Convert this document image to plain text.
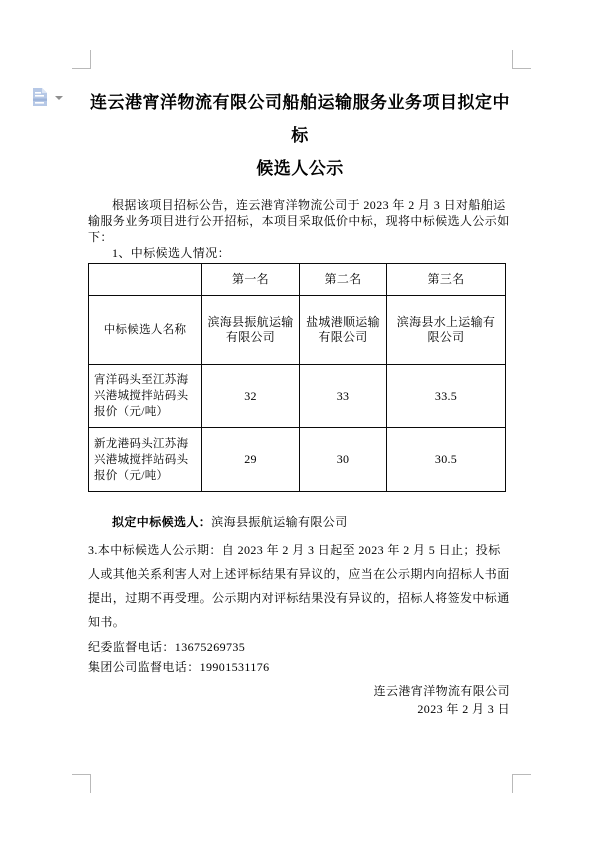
连云港宵洋物流有限公司船舶运输服务业务项目拟定中标
候选人公示
根据该项目招标公告，连云港宵洋物流公司于 2023 年 2 月 3 日对船舶运输服务业务项目进行公开招标，本项目采取低价中标，现将中标候选人公示如下：
1、中标候选人情况：
	第一名	第二名	第三名
中标候选人名称	滨海县振航运输有限公司	盐城港顺运输有限公司	滨海县水上运输有限公司
宵洋码头至江苏海兴港城搅拌站码头报价（元/吨）	32	33	33.5
新龙港码头江苏海兴港城搅拌站码头报价（元/吨）	29	30	30.5
拟定中标候选人：滨海县振航运输有限公司
3.本中标候选人公示期：自 2023 年 2 月 3 日起至 2023 年 2 月 5 日止；投标人或其他关系利害人对上述评标结果有异议的，应当在公示期内向招标人书面提出，过期不再受理。公示期内对评标结果没有异议的，招标人将签发中标通知书。
纪委监督电话：13675269735
集团公司监督电话：19901531176
连云港宵洋物流有限公司
2023 年 2 月 3 日
